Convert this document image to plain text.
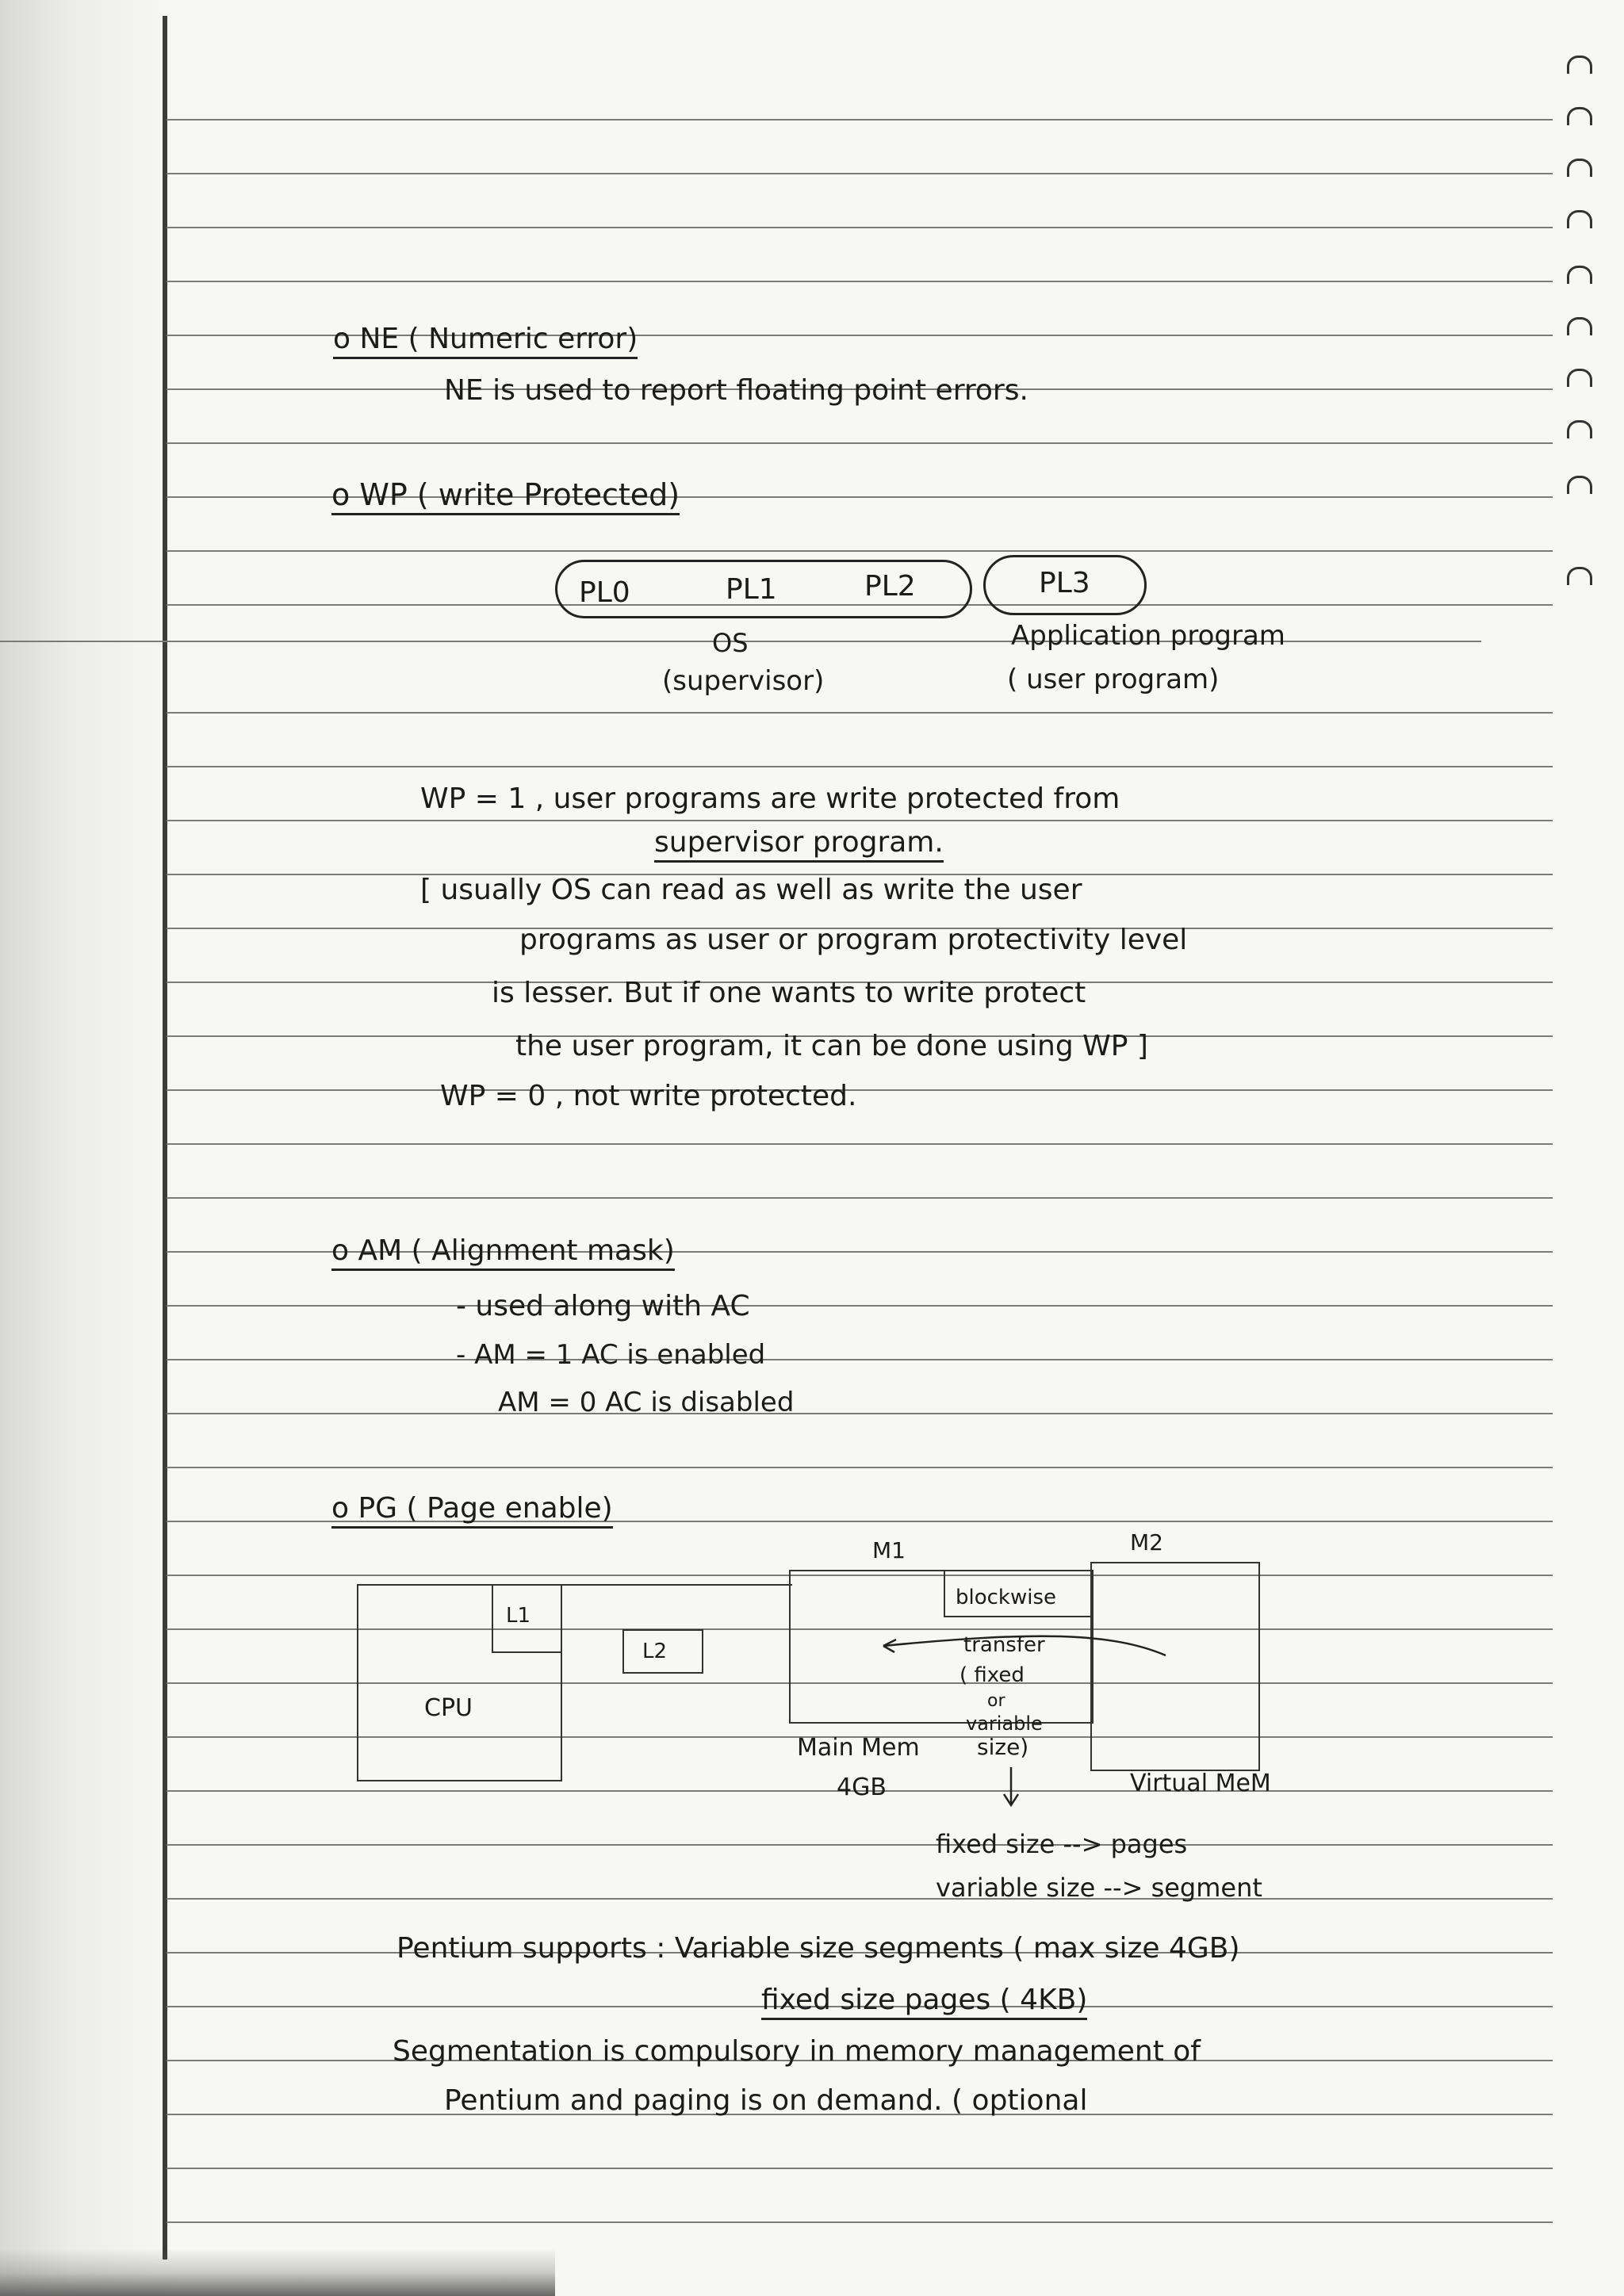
o NE ( Numeric error)
NE is used to report floating point errors.
o WP ( write Protected)
PL0	PL1	PL2	PL3
OS
(supervisor)
Application program
( user program)
WP = 1 , user programs are write protected from
supervisor program.
[ usually OS can read as well as write the user
programs as user or program protectivity level
is lesser. But if one wants to write protect
the user program, it can be done using WP ]
WP = 0 , not write protected.
o AM ( Alignment mask)
- used along with AC
- AM = 1 AC is enabled
AM = 0 AC is disabled
o PG ( Page enable)
M1	M2
L1
CPU
L2
blockwise
transfer
( fixed
or
variable
Main Mem	size)
4GB	Virtual MeM
fixed size --> pages
variable size --> segment
Pentium supports : Variable size segments ( max size 4GB)
fixed size pages ( 4KB)
Segmentation is compulsory in memory management of
Pentium and paging is on demand. ( optional
